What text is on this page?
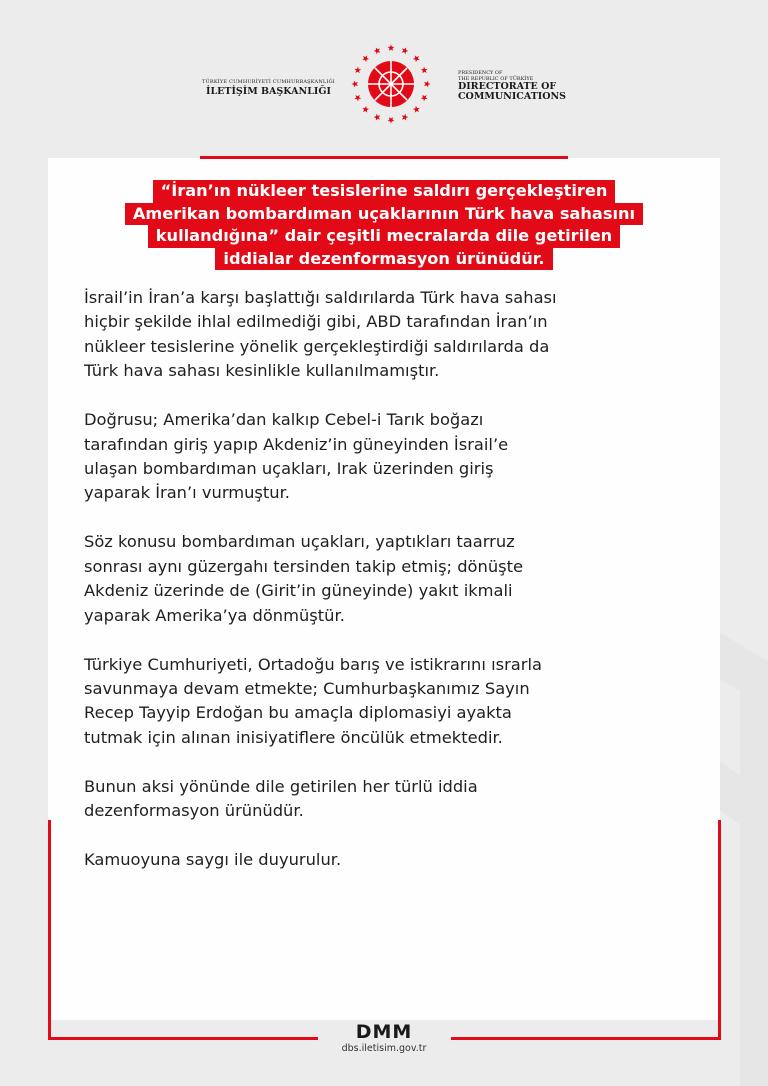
TÜRKİYE CUMHURİYETİ CUMHURBAŞKANLIĞI
İLETİŞİM BAŞKANLIĞI
PRESIDENCY OF
THE REPUBLIC OF TÜRKİYE
DIRECTORATE OF
COMMUNICATIONS
“İran’ın nükleer tesislerine saldırı gerçekleştiren
Amerikan bombardıman uçaklarının Türk hava sahasını
kullandığına” dair çeşitli mecralarda dile getirilen
iddialar dezenformasyon ürünüdür.

İsrail’in İran’a karşı başlattığı saldırılarda Türk hava sahası
hiçbir şekilde ihlal edilmediği gibi, ABD tarafından İran’ın
nükleer tesislerine yönelik gerçekleştirdiği saldırılarda da
Türk hava sahası kesinlikle kullanılmamıştır.

Doğrusu; Amerika’dan kalkıp Cebel-i Tarık boğazı
tarafından giriş yapıp Akdeniz’in güneyinden İsrail’e
ulaşan bombardıman uçakları, Irak üzerinden giriş
yaparak İran’ı vurmuştur.

Söz konusu bombardıman uçakları, yaptıkları taarruz
sonrası aynı güzergahı tersinden takip etmiş; dönüşte
Akdeniz üzerinde de (Girit’in güneyinde) yakıt ikmali
yaparak Amerika’ya dönmüştür.

Türkiye Cumhuriyeti, Ortadoğu barış ve istikrarını ısrarla
savunmaya devam etmekte; Cumhurbaşkanımız Sayın
Recep Tayyip Erdoğan bu amaçla diplomasiyi ayakta
tutmak için alınan inisiyatiflere öncülük etmektedir.

Bunun aksi yönünde dile getirilen her türlü iddia
dezenformasyon ürünüdür.

Kamuoyuna saygı ile duyurulur.

DMM
dbs.iletisim.gov.tr
